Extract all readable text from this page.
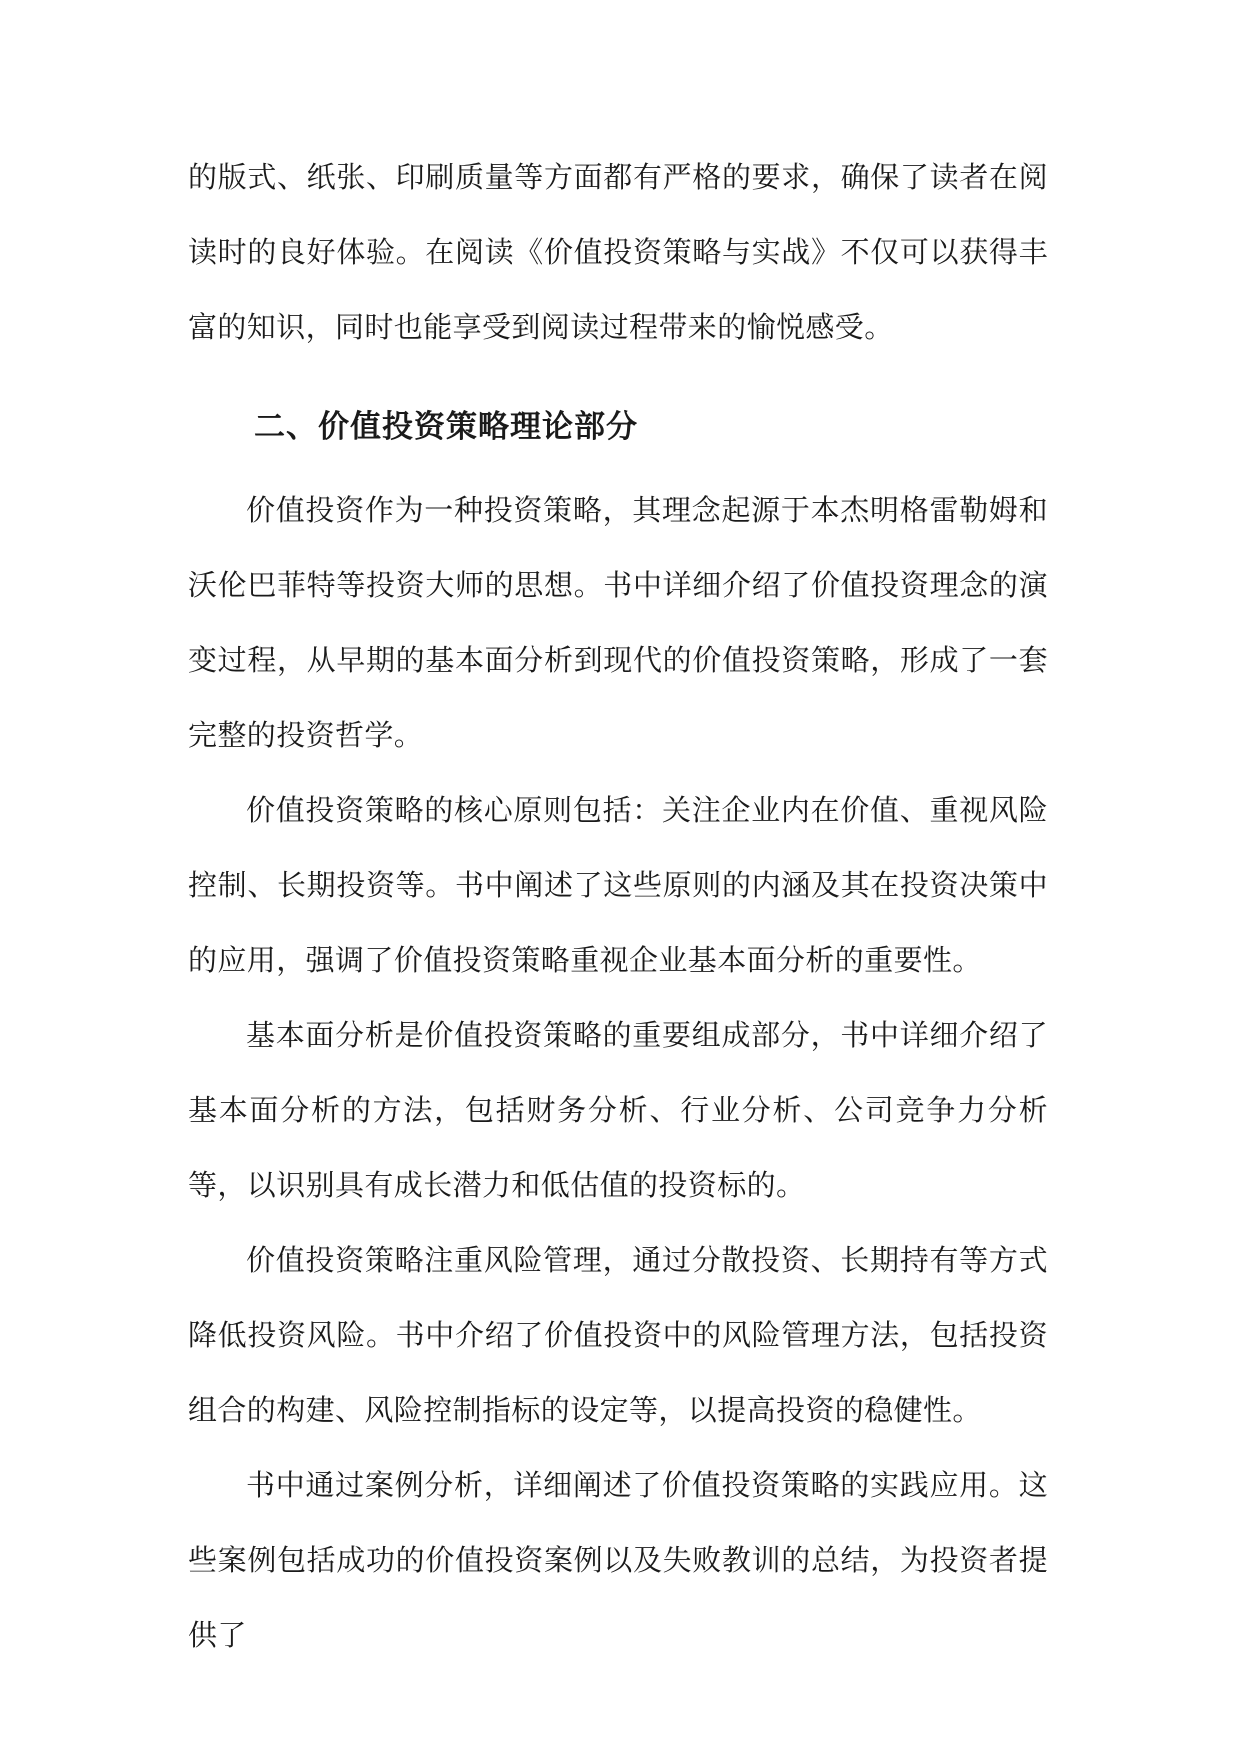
的版式、纸张、印刷质量等方面都有严格的要求，确保了读者在阅读时的良好体验。在阅读《价值投资策略与实战》不仅可以获得丰富的知识，同时也能享受到阅读过程带来的愉悦感受。

二、价值投资策略理论部分

价值投资作为一种投资策略，其理念起源于本杰明格雷勒姆和沃伦巴菲特等投资大师的思想。书中详细介绍了价值投资理念的演变过程，从早期的基本面分析到现代的价值投资策略，形成了一套完整的投资哲学。

价值投资策略的核心原则包括：关注企业内在价值、重视风险控制、长期投资等。书中阐述了这些原则的内涵及其在投资决策中的应用，强调了价值投资策略重视企业基本面分析的重要性。

基本面分析是价值投资策略的重要组成部分，书中详细介绍了基本面分析的方法，包括财务分析、行业分析、公司竞争力分析等，以识别具有成长潜力和低估值的投资标的。

价值投资策略注重风险管理，通过分散投资、长期持有等方式降低投资风险。书中介绍了价值投资中的风险管理方法，包括投资组合的构建、风险控制指标的设定等，以提高投资的稳健性。

书中通过案例分析，详细阐述了价值投资策略的实践应用。这些案例包括成功的价值投资案例以及失败教训的总结，为投资者提供了
